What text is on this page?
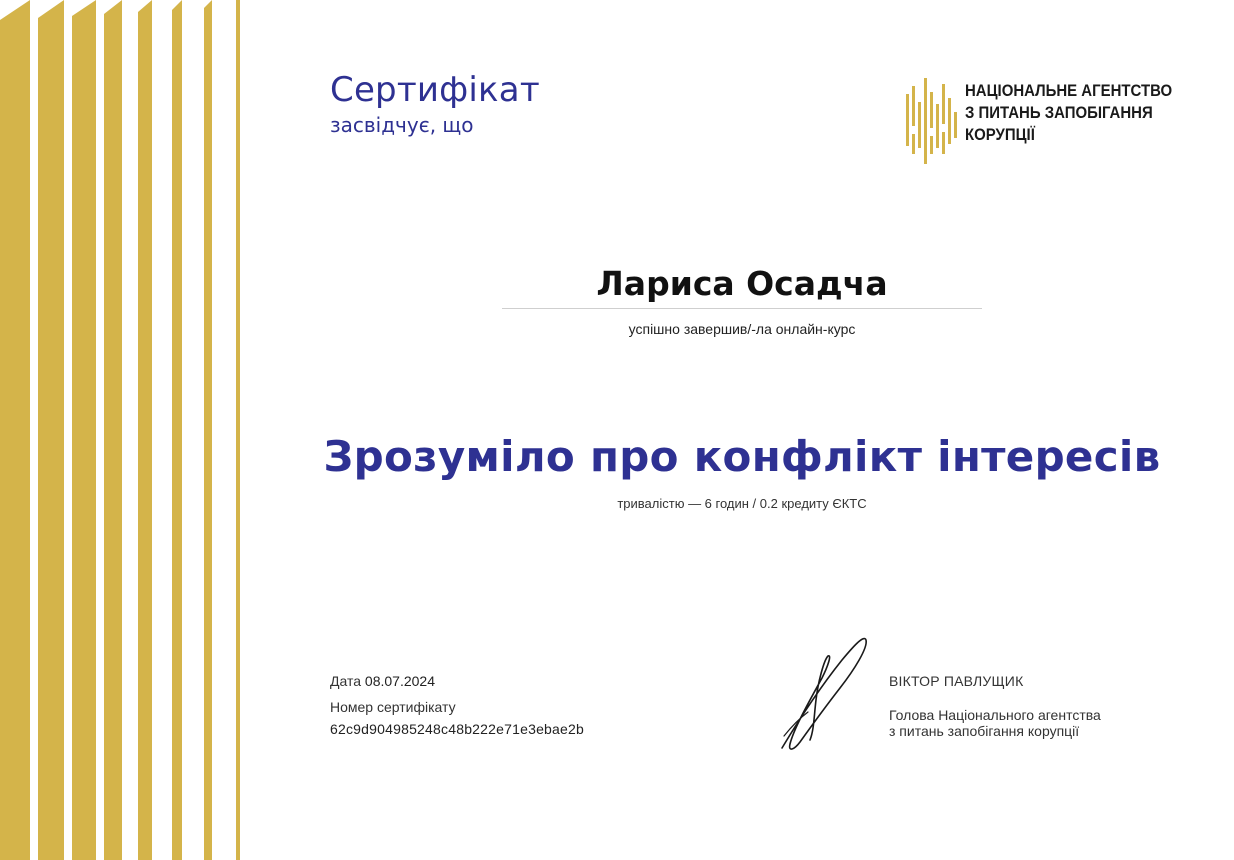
Сертифікат
засвідчує, що
НАЦІОНАЛЬНЕ АГЕНТСТВО
З ПИТАНЬ ЗАПОБІГАННЯ
КОРУПЦІЇ
Лариса Осадча
успішно завершив/-ла онлайн-курс
Зрозуміло про конфлікт інтересів
тривалістю — 6 годин / 0.2 кредиту ЄКТС
Дата 08.07.2024
Номер сертифікату
62c9d904985248c48b222e71e3ebae2b
ВІКТОР ПАВЛУЩИК
Голова Національного агентства
з питань запобігання корупції
